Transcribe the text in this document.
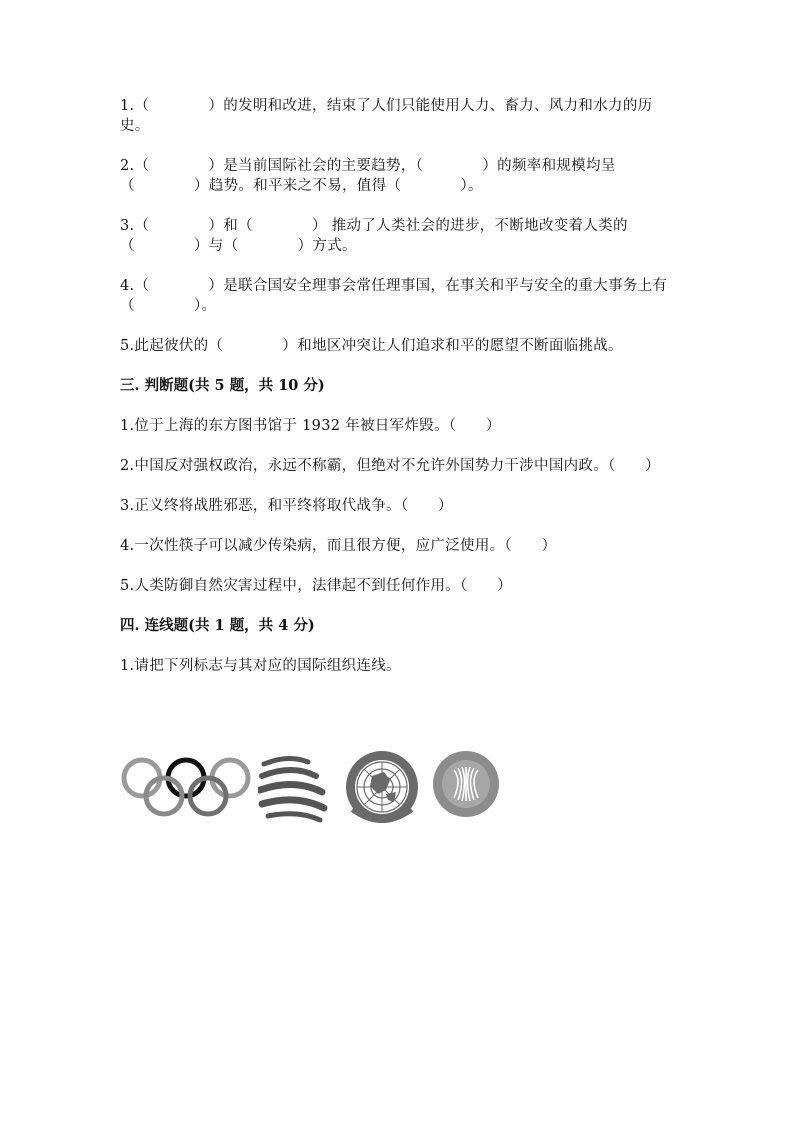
1.（　　　　）的发明和改进，结束了人们只能使用人力、畜力、风力和水力的历史。

2.（　　　　）是当前国际社会的主要趋势，（　　　　）的频率和规模均呈（　　　　）趋势。和平来之不易，值得（　　　　）。

3.（　　　　）和（　　　　） 推动了人类社会的进步，不断地改变着人类的（　　　　）与（　　　　）方式。

4.（　　　　）是联合国安全理事会常任理事国，在事关和平与安全的重大事务上有（　　　　）。

5.此起彼伏的（　　　　）和地区冲突让人们追求和平的愿望不断面临挑战。

三. 判断题(共 5 题，共 10 分)

1.位于上海的东方图书馆于 1932 年被日军炸毁。（　　）

2.中国反对强权政治，永远不称霸，但绝对不允许外国势力干涉中国内政。（　　）

3.正义终将战胜邪恶，和平终将取代战争。（　　）

4.一次性筷子可以减少传染病，而且很方便，应广泛使用。（　　）

5.人类防御自然灾害过程中，法律起不到任何作用。（　　）

四. 连线题(共 1 题，共 4 分)

1.请把下列标志与其对应的国际组织连线。
